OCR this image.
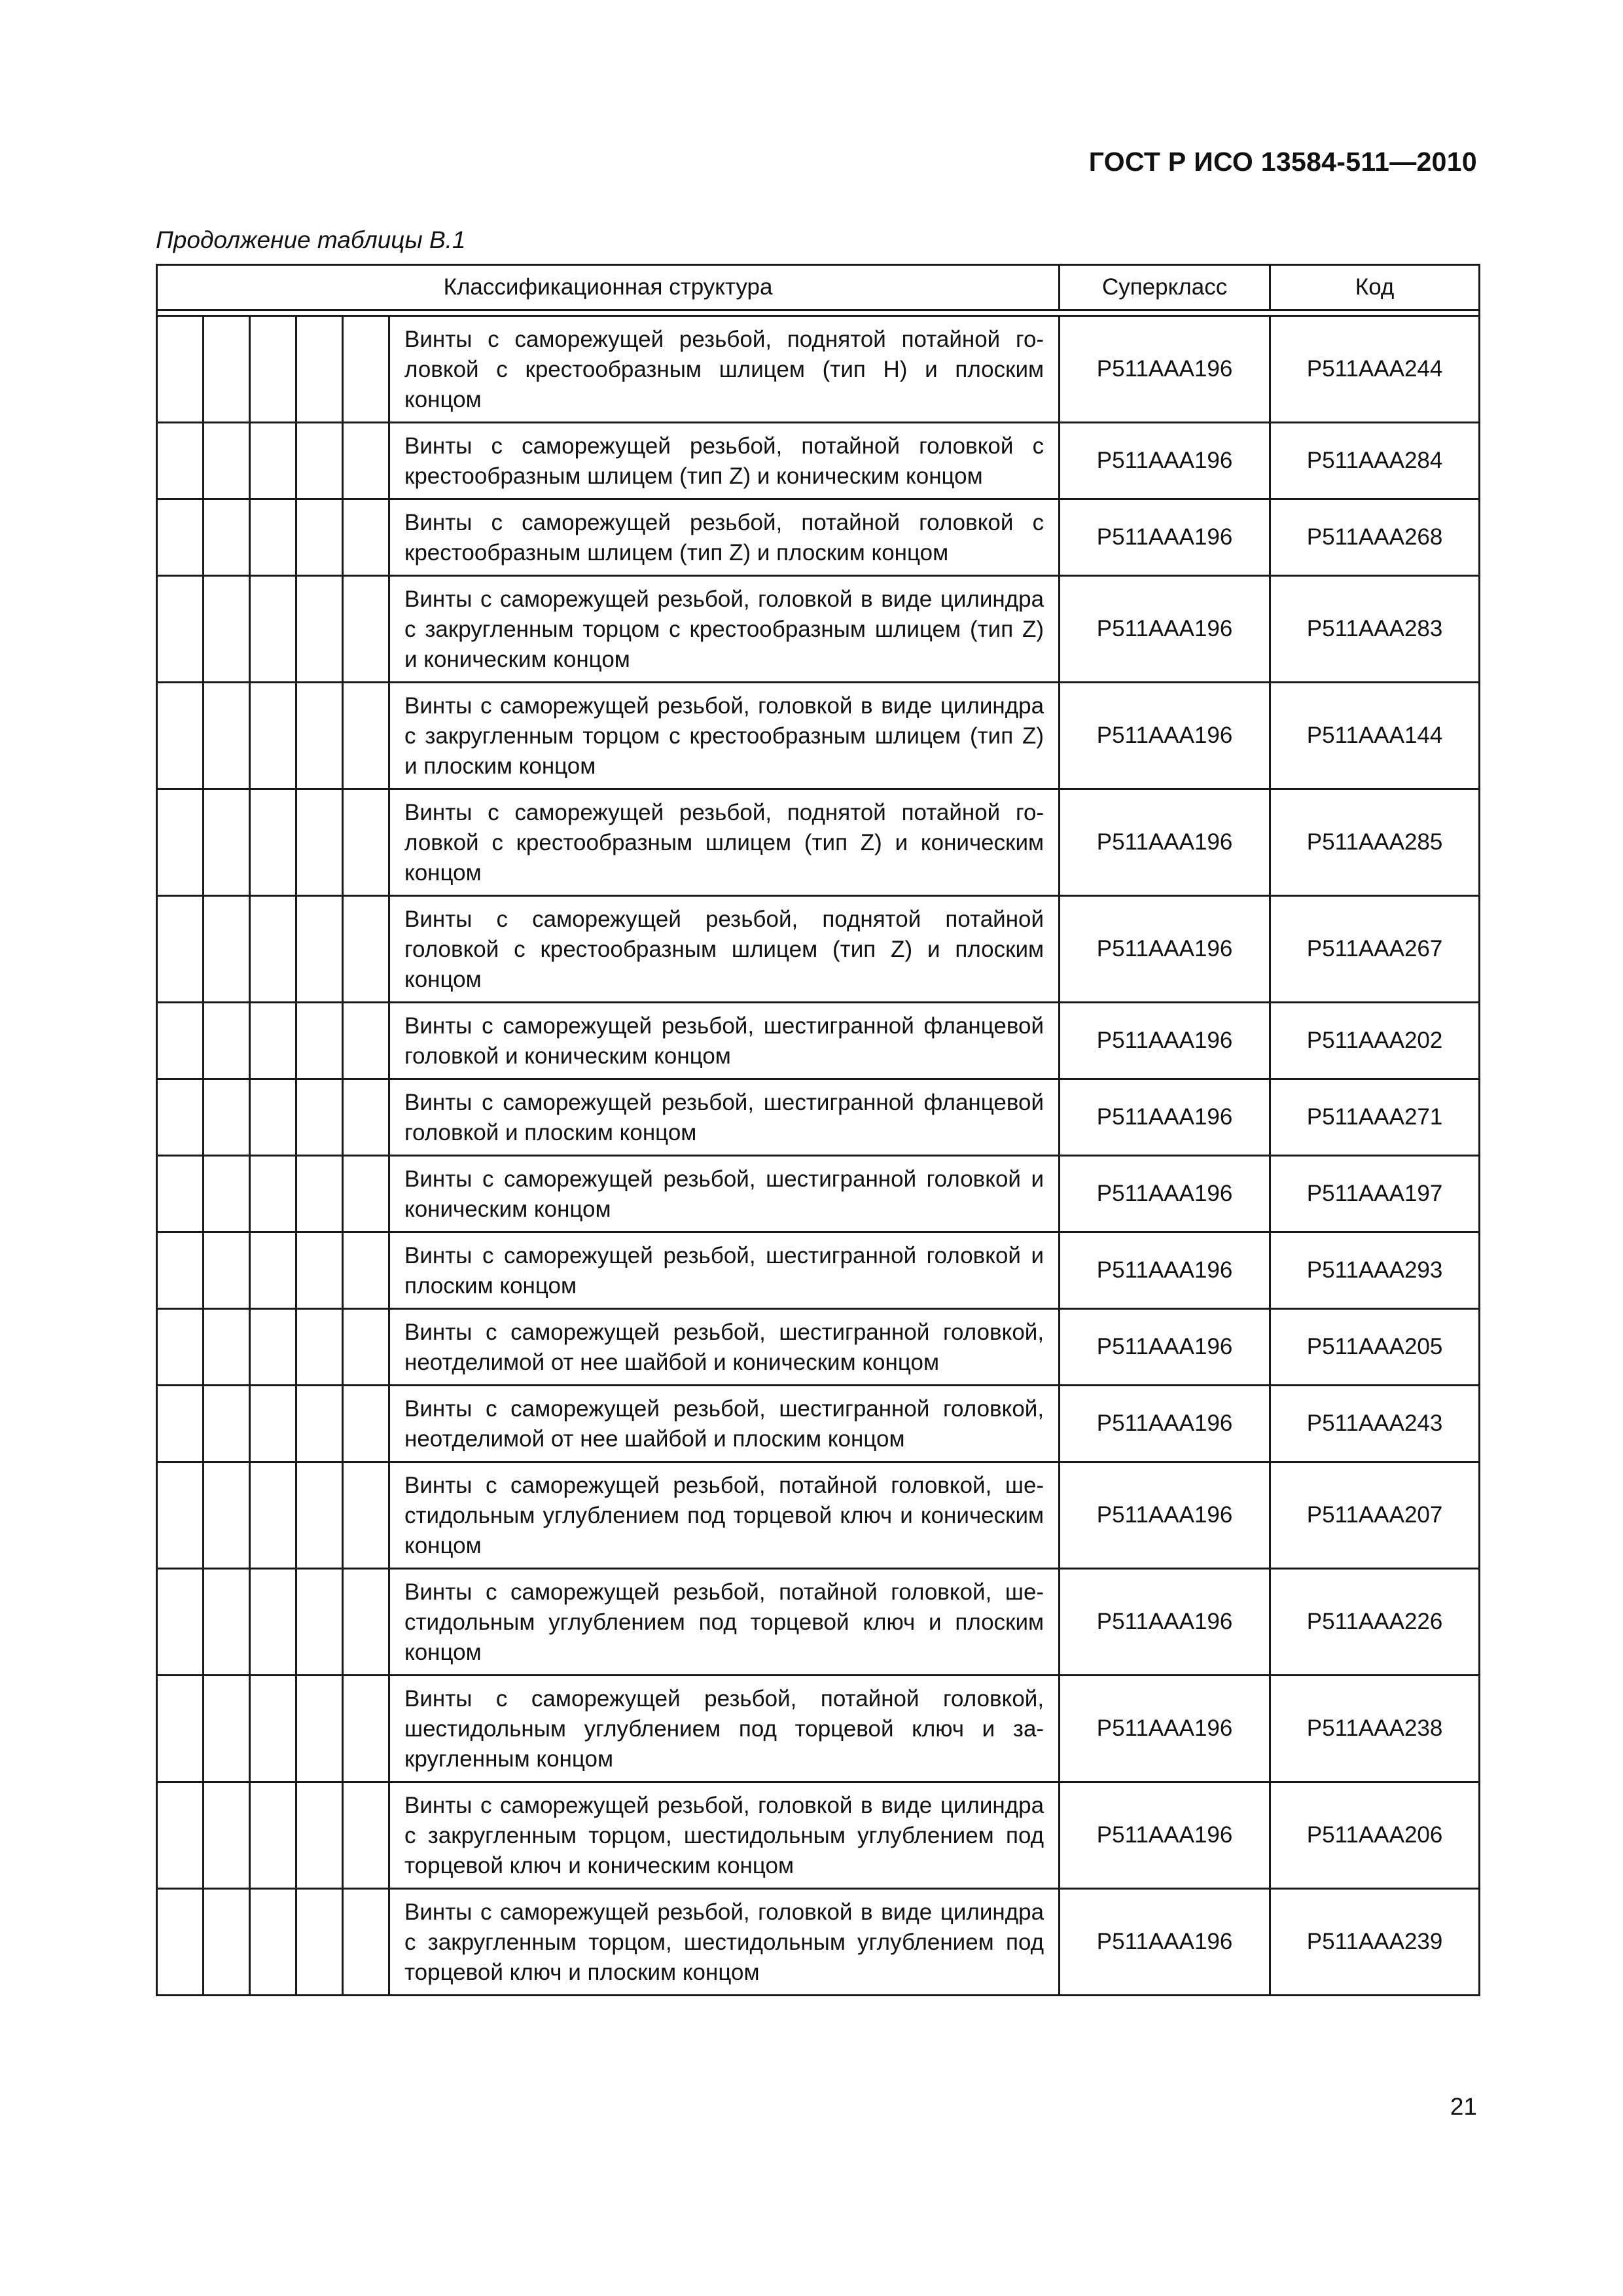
ГОСТ Р ИСО 13584-511—2010
Продолжение таблицы В.1
Классификационная структура						Суперкласс	Код

					Винты с саморежущей резьбой, поднятой потайной головкой с крестообразным шлицем (тип H) и плоским концом	P511AAA196	P511AAA244
					Винты с саморежущей резьбой, потайной головкой с крестообразным шлицем (тип Z) и коническим концом	P511AAA196	P511AAA284
					Винты с саморежущей резьбой, потайной головкой с крестообразным шлицем (тип Z) и плоским концом	P511AAA196	P511AAA268
					Винты с саморежущей резьбой, головкой в виде цилиндра с закругленным торцом с крестообразным шлицем (тип Z) и коническим концом	P511AAA196	P511AAA283
					Винты с саморежущей резьбой, головкой в виде цилиндра с закругленным торцом с крестообразным шлицем (тип Z) и плоским концом	P511AAA196	P511AAA144
					Винты с саморежущей резьбой, поднятой потайной головкой с крестообразным шлицем (тип Z) и коническим концом	P511AAA196	P511AAA285
					Винты с саморежущей резьбой, поднятой потайной головкой с крестообразным шлицем (тип Z) и плоским концом	P511AAA196	P511AAA267
					Винты с саморежущей резьбой, шестигранной фланцевой головкой и коническим концом	P511AAA196	P511AAA202
					Винты с саморежущей резьбой, шестигранной фланцевой головкой и плоским концом	P511AAA196	P511AAA271
					Винты с саморежущей резьбой, шестигранной головкой и коническим концом	P511AAA196	P511AAA197
					Винты с саморежущей резьбой, шестигранной головкой и плоским концом	P511AAA196	P511AAA293
					Винты с саморежущей резьбой, шестигранной головкой, неотделимой от нее шайбой и коническим концом	P511AAA196	P511AAA205
					Винты с саморежущей резьбой, шестигранной головкой, неотделимой от нее шайбой и плоским концом	P511AAA196	P511AAA243
					Винты с саморежущей резьбой, потайной головкой, шестидольным углублением под торцевой ключ и коническим концом	P511AAA196	P511AAA207
					Винты с саморежущей резьбой, потайной головкой, шестидольным углублением под торцевой ключ и плоским концом	P511AAA196	P511AAA226
					Винты с саморежущей резьбой, потайной головкой, шестидольным углублением под торцевой ключ и закругленным концом	P511AAA196	P511AAA238
					Винты с саморежущей резьбой, головкой в виде цилиндра с закругленным торцом, шестидольным углублением под торцевой ключ и коническим концом	P511AAA196	P511AAA206
					Винты с саморежущей резьбой, головкой в виде цилиндра с закругленным торцом, шестидольным углублением под торцевой ключ и плоским концом	P511AAA196	P511AAA239
21
